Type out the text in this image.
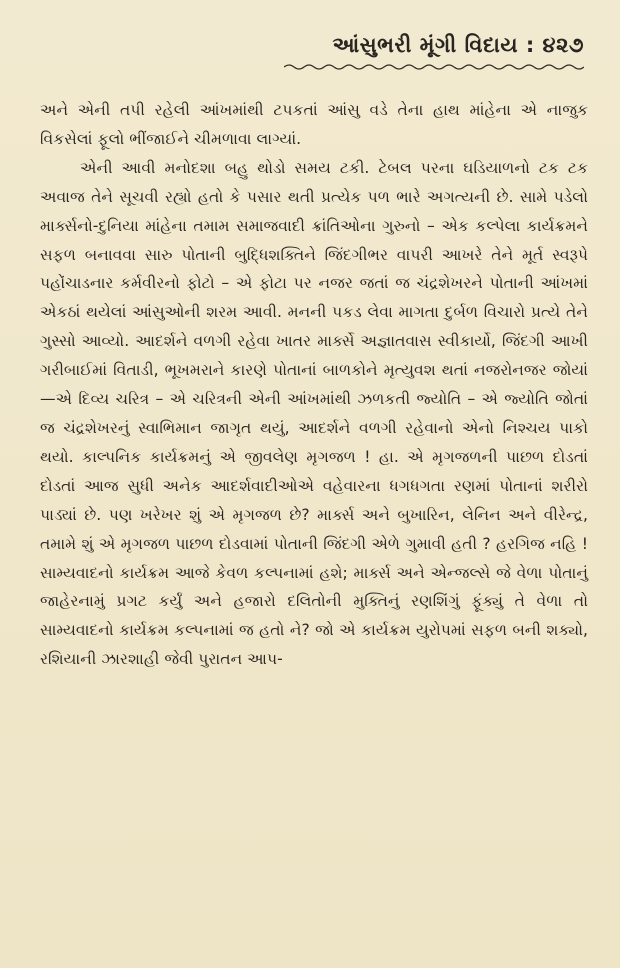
આંસુભરી મૂંગી વિદાય : ૪૨૭

અને એની તપી રહેલી આંખમાંથી ટપકતાં આંસુ વડે તેના હાથ માંહેના એ નાજુક વિકસેલાં ફૂલો ભીંજાઈને ચીમળાવા લાગ્યાં.

એની આવી મનોદશા બહુ થોડો સમય ટકી. ટેબલ પરના ઘડિયાળનો ટક ટક અવાજ તેને સૂચવી રહ્યો હતો કે પસાર થતી પ્રત્યેક પળ ભારે અગત્યની છે. સામે પડેલો માર્ક્સનો-દુનિયા માંહેના તમામ સમાજવાદી ક્રાંતિઓના ગુરુનો – એક કલ્પેલા કાર્યક્રમને સફળ બનાવવા સારુ પોતાની બુદ્ધિશક્તિને જિંદગીભર વાપરી આખરે તેને મૂર્ત સ્વરૂપે પહોંચાડનાર કર્મવીરનો ફોટો – એ ફોટા પર નજર જતાં જ ચંદ્રશેખરને પોતાની આંખમાં એકઠાં થયેલાં આંસુઓની શરમ આવી. મનની પકડ લેવા માગતા દુર્બળ વિચારો પ્રત્યે તેને ગુસ્સો આવ્યો. આદર્શને વળગી રહેવા ખાતર માર્ક્સે અજ્ઞાતવાસ સ્વીકાર્યો, જિંદગી આખી ગરીબાઈમાં વિતાડી, ભૂખમરાને કારણે પોતાનાં બાળકોને મૃત્યુવશ થતાં નજરોનજર જોયાં—એ દિવ્ય ચરિત્ર – એ ચરિત્રની એની આંખમાંથી ઝળકતી જ્યોતિ – એ જ્યોતિ જોતાં જ ચંદ્રશેખરનું સ્વાભિમાન જાગૃત થયું, આદર્શને વળગી રહેવાનો એનો નિશ્ચય પાકો થયો. કાલ્પનિક કાર્યક્રમનું એ જીવલેણ મૃગજળ ! હા. એ મૃગજળની પાછળ દોડતાં દોડતાં આજ સુધી અનેક આદર્શવાદીઓએ વહેવારના ધગધગતા રણમાં પોતાનાં શરીરો પાડ્યાં છે. પણ ખરેખર શું એ મૃગજળ છે? માર્ક્સ અને બુખારિન, લેનિન અને વીરેન્દ્ર, તમામે શું એ મૃગજળ પાછળ દોડવામાં પોતાની જિંદગી એળે ગુમાવી હતી ? હરગિજ નહિ ! સામ્યવાદનો કાર્યક્રમ આજે કેવળ કલ્પનામાં હશે; માર્ક્સ અને એન્જલ્સે જે વેળા પોતાનું જાહેરનામું પ્રગટ કર્યું અને હજારો દલિતોની મુક્તિનું રણશિંગું ફૂંક્યું તે વેળા તો સામ્યવાદનો કાર્યક્રમ કલ્પનામાં જ હતો ને? જો એ કાર્યક્રમ યુરોપમાં સફળ બની શક્યો, રશિયાની ઝારશાહી જેવી પુરાતન આપ-
